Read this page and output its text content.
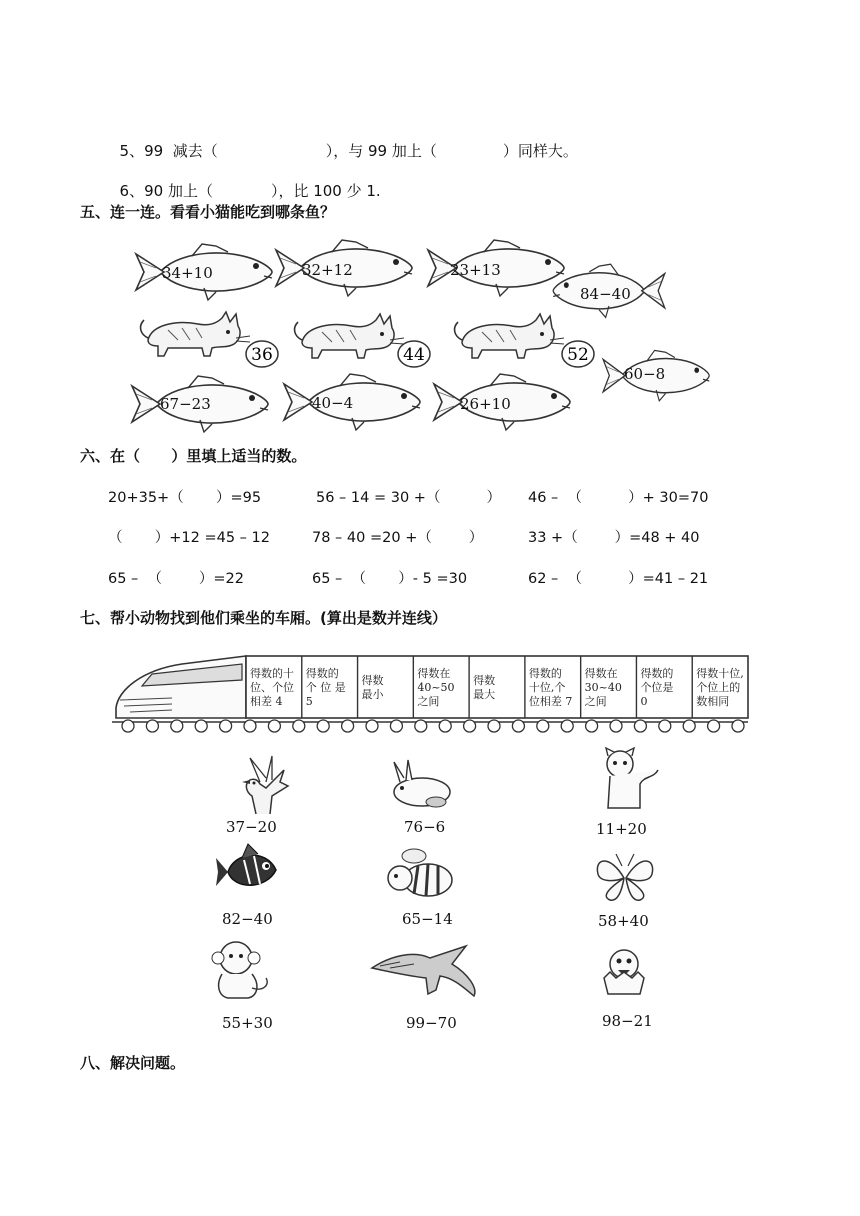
5、99  减去（	），与 99 加上（	）同样大。

6、90 加上（	），比 100 少 1.

五、连一连。看看小猫能吃到哪条鱼？
34+10	32+12	23+13
84−40
36	44	52
67−23	40−4	26+10
60−8
六、在（      ）里填上适当的数。
20+35+（       ）=95	56 – 14 = 30 +（          ） 46 –  （          ）+ 30=70
（       ）+12 =45 – 12	78 – 40 =20 +（        ）	33 +（        ）=48 + 40
65 –  （        ）=22	65 –  （       ）- 5 =30	62 –  （          ）=41 – 21
七、帮小动物找到他们乘坐的车厢。(算出是数并连线）
得数的十位、个位相差 4
得数的个 位 是 5
得数最小
得数在 40~50 之间
得数最大
得数的十位,个位相差 7
得数在 30~40 之间
得数的个位是 0
得数十位,个位上的数相同
37−20	76−6	11+20
82−40	65−14	58+40
55+30	99−70	98−21
八、解决问题。
